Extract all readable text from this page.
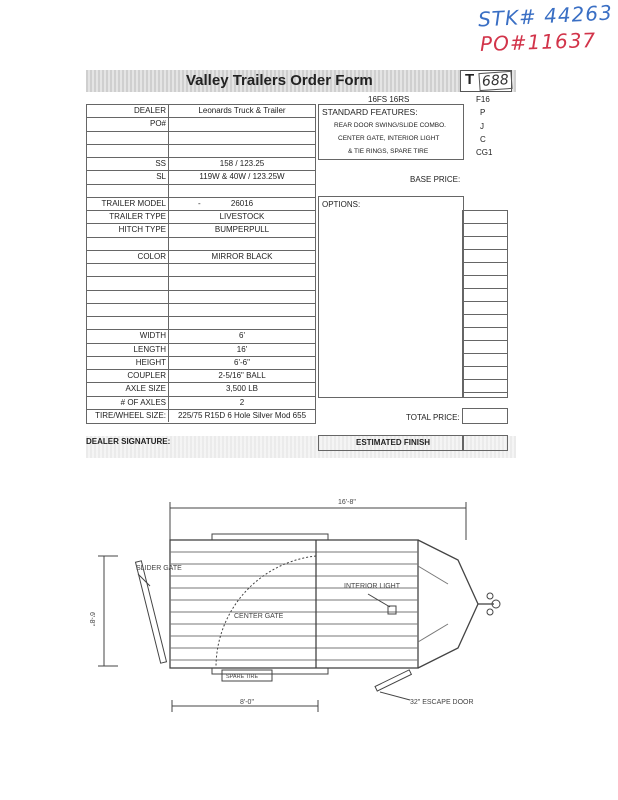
STK# 44263
PO#11637
Valley Trailers Order Form	T 688
16FS 16RS	F16
DEALER	Leonards Truck & Trailer
PO#
SS	158 / 123.25
SL	119W & 40W / 123.25W
TRAILER MODEL	26016
-
TRAILER TYPE	LIVESTOCK
HITCH TYPE	BUMPERPULL
COLOR	MIRROR BLACK
WIDTH	6'
LENGTH	16'
HEIGHT	6'-6"
COUPLER	2-5/16" BALL
AXLE SIZE	3,500 LB
# OF AXLES	2
TIRE/WHEEL SIZE:	225/75 R15D 6 Hole Silver Mod 655
STANDARD FEATURES:
REAR DOOR SWING/SLIDE COMBO.
CENTER GATE, INTERIOR LIGHT
& TIE RINGS, SPARE TIRE
P
J
C
CG1
BASE PRICE:
OPTIONS:
TOTAL PRICE:
DEALER SIGNATURE:	ESTIMATED FINISH
16'-8"
6'-8"
8'-0"
SLIDER GATE
INTERIOR LIGHT
CENTER GATE
SPARE TIRE
32" ESCAPE DOOR
